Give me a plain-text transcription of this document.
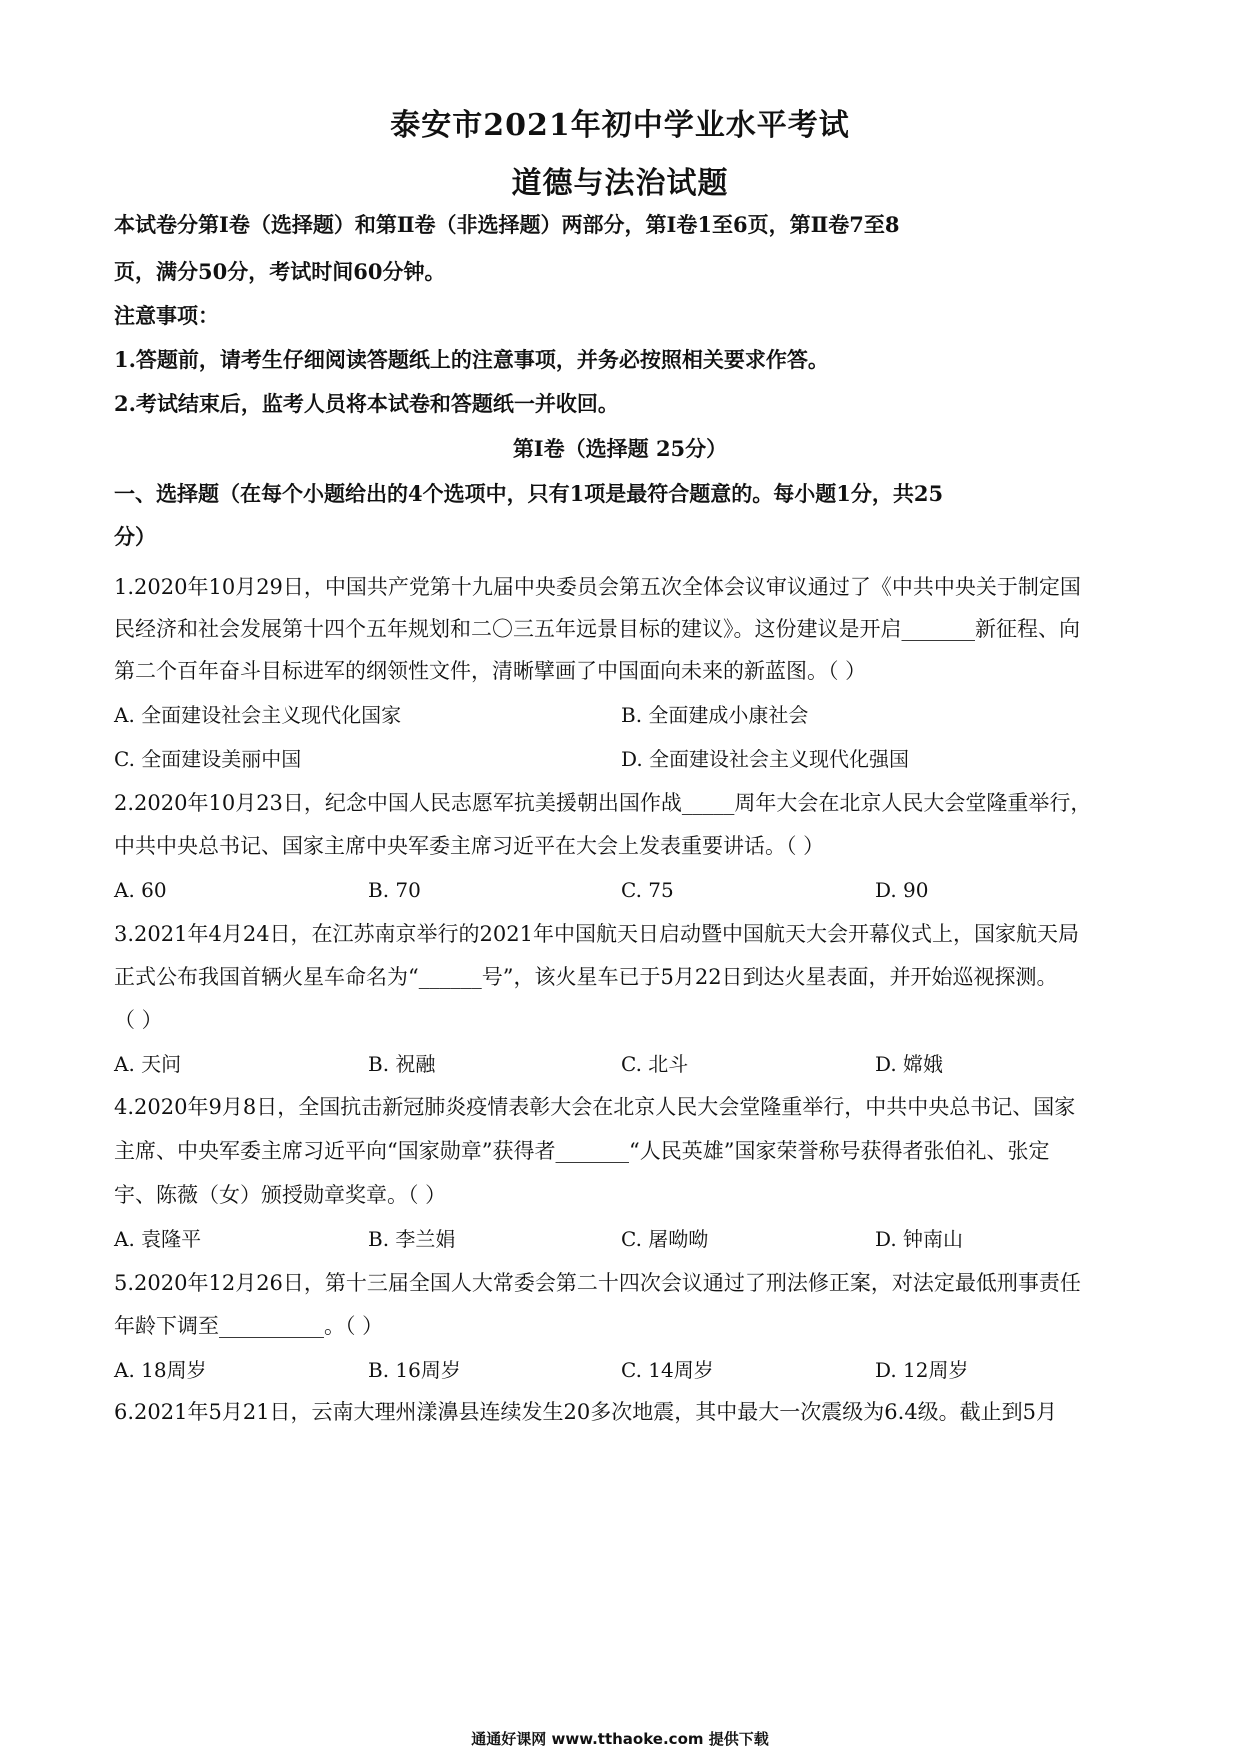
泰安市2021年初中学业水平考试
道德与法治试题
本试卷分第Ⅰ卷（选择题）和第Ⅱ卷（非选择题）两部分，第Ⅰ卷1至6页，第Ⅱ卷7至8
页，满分50分，考试时间60分钟。
注意事项：
1.答题前，请考生仔细阅读答题纸上的注意事项，并务必按照相关要求作答。
2.考试结束后，监考人员将本试卷和答题纸一并收回。
第Ⅰ卷（选择题 25分）
一、选择题（在每个小题给出的4个选项中，只有1项是最符合题意的。每小题1分，共25
分）
1.2020年10月29日，中国共产党第十九届中央委员会第五次全体会议审议通过了《中共中央关于制定国
民经济和社会发展第十四个五年规划和二〇三五年远景目标的建议》。这份建议是开启_______新征程、向
第二个百年奋斗目标进军的纲领性文件，清晰擘画了中国面向未来的新蓝图。（ ）
A. 全面建设社会主义现代化国家	B. 全面建成小康社会
C. 全面建设美丽中国	D. 全面建设社会主义现代化强国
2.2020年10月23日，纪念中国人民志愿军抗美援朝出国作战_____周年大会在北京人民大会堂隆重举行，
中共中央总书记、国家主席中央军委主席习近平在大会上发表重要讲话。（ ）
A. 60	B. 70	C. 75	D. 90
3.2021年4月24日，在江苏南京举行的2021年中国航天日启动暨中国航天大会开幕仪式上，国家航天局
正式公布我国首辆火星车命名为“______号”，该火星车已于5月22日到达火星表面，并开始巡视探测。
（ ）
A. 天问	B. 祝融	C. 北斗	D. 嫦娥
4.2020年9月8日，全国抗击新冠肺炎疫情表彰大会在北京人民大会堂隆重举行，中共中央总书记、国家
主席、中央军委主席习近平向“国家勋章”获得者_______“人民英雄”国家荣誉称号获得者张伯礼、张定
宇、陈薇（女）颁授勋章奖章。（ ）
A. 袁隆平	B. 李兰娟	C. 屠呦呦	D. 钟南山
5.2020年12月26日，第十三届全国人大常委会第二十四次会议通过了刑法修正案，对法定最低刑事责任
年龄下调至__________。（ ）
A. 18周岁	B. 16周岁	C. 14周岁	D. 12周岁
6.2021年5月21日，云南大理州漾濞县连续发生20多次地震，其中最大一次震级为6.4级。截止到5月
通通好课网 www.tthaoke.com 提供下载
